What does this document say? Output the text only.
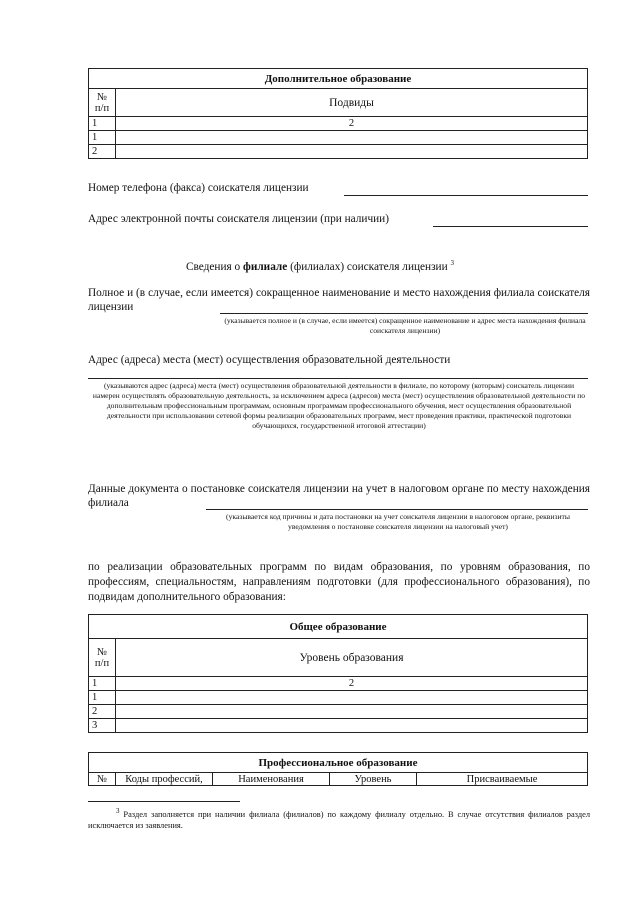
Дополнительное образование	
№ п/п	Подвиды
1	2
1	
2	
Номер телефона (факса) соискателя лицензии
Адрес электронной почты соискателя лицензии (при наличии)
Сведения о филиале (филиалах) соискателя лицензии $^3$
Полное и (в случае, если имеется) сокращенное наименование и место нахождения филиала соискателя лицензии
(указывается полное и (в случае, если имеется) сокращенное наименование и адрес места нахождения филиала соискателя лицензии)
Адрес (адреса) места (мест) осуществления образовательной деятельности
(указываются адрес (адреса) места (мест) осуществления образовательной деятельности в филиале, по которому (которым) соискатель лицензии намерен осуществлять образовательную деятельность, за исключением адреса (адресов) места (мест) осуществления образовательной деятельности по дополнительным профессиональным программам, основным программам профессионального обучения, мест осуществления образовательной деятельности при использовании сетевой формы реализации образовательных программ, мест проведения практики, практической подготовки обучающихся, государственной итоговой аттестации)
Данные документа о постановке соискателя лицензии на учет в налоговом органе по месту нахождения филиала
(указывается код причины и дата постановки на учет соискателя лицензии в налоговом органе, реквизиты уведомления о постановке соискателя лицензии на налоговый учет)
по реализации образовательных программ по видам образования, по уровням образования, по профессиям, специальностям, направлениям подготовки (для профессионального образования), по подвидам дополнительного образования:
Общее образование	
№ п/п	Уровень образования
1	2
1	
2	
3	
Профессиональное образование
№	Коды профессий,	Наименования	Уровень	Присваиваемые
$^3$ Раздел заполняется при наличии филиала (филиалов) по каждому филиалу отдельно. В случае отсутствия филиалов раздел исключается из заявления.
